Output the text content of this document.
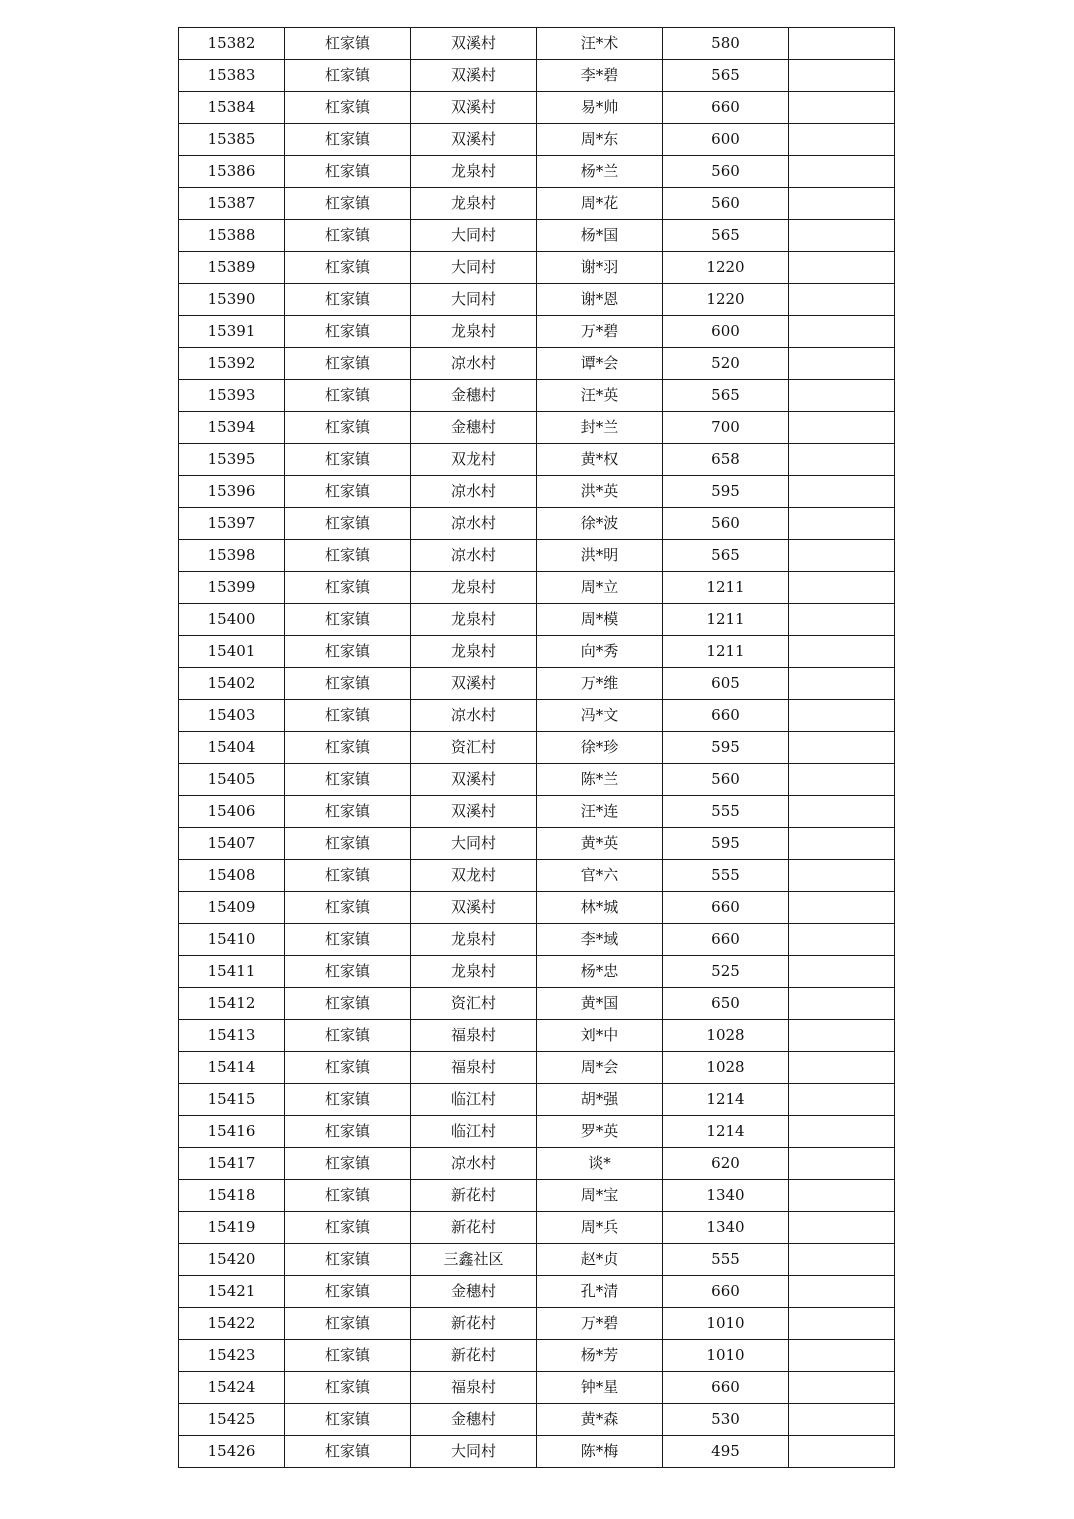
15382	杠家镇	双溪村	汪*术	580	
15383	杠家镇	双溪村	李*碧	565	
15384	杠家镇	双溪村	易*帅	660	
15385	杠家镇	双溪村	周*东	600	
15386	杠家镇	龙泉村	杨*兰	560	
15387	杠家镇	龙泉村	周*花	560	
15388	杠家镇	大同村	杨*国	565	
15389	杠家镇	大同村	谢*羽	1220	
15390	杠家镇	大同村	谢*恩	1220	
15391	杠家镇	龙泉村	万*碧	600	
15392	杠家镇	凉水村	谭*会	520	
15393	杠家镇	金穗村	汪*英	565	
15394	杠家镇	金穗村	封*兰	700	
15395	杠家镇	双龙村	黄*权	658	
15396	杠家镇	凉水村	洪*英	595	
15397	杠家镇	凉水村	徐*波	560	
15398	杠家镇	凉水村	洪*明	565	
15399	杠家镇	龙泉村	周*立	1211	
15400	杠家镇	龙泉村	周*模	1211	
15401	杠家镇	龙泉村	向*秀	1211	
15402	杠家镇	双溪村	万*维	605	
15403	杠家镇	凉水村	冯*文	660	
15404	杠家镇	资汇村	徐*珍	595	
15405	杠家镇	双溪村	陈*兰	560	
15406	杠家镇	双溪村	汪*连	555	
15407	杠家镇	大同村	黄*英	595	
15408	杠家镇	双龙村	官*六	555	
15409	杠家镇	双溪村	林*城	660	
15410	杠家镇	龙泉村	李*域	660	
15411	杠家镇	龙泉村	杨*忠	525	
15412	杠家镇	资汇村	黄*国	650	
15413	杠家镇	福泉村	刘*中	1028	
15414	杠家镇	福泉村	周*会	1028	
15415	杠家镇	临江村	胡*强	1214	
15416	杠家镇	临江村	罗*英	1214	
15417	杠家镇	凉水村	谈*	620	
15418	杠家镇	新花村	周*宝	1340	
15419	杠家镇	新花村	周*兵	1340	
15420	杠家镇	三鑫社区	赵*贞	555	
15421	杠家镇	金穗村	孔*清	660	
15422	杠家镇	新花村	万*碧	1010	
15423	杠家镇	新花村	杨*芳	1010	
15424	杠家镇	福泉村	钟*星	660	
15425	杠家镇	金穗村	黄*森	530	
15426	杠家镇	大同村	陈*梅	495	
